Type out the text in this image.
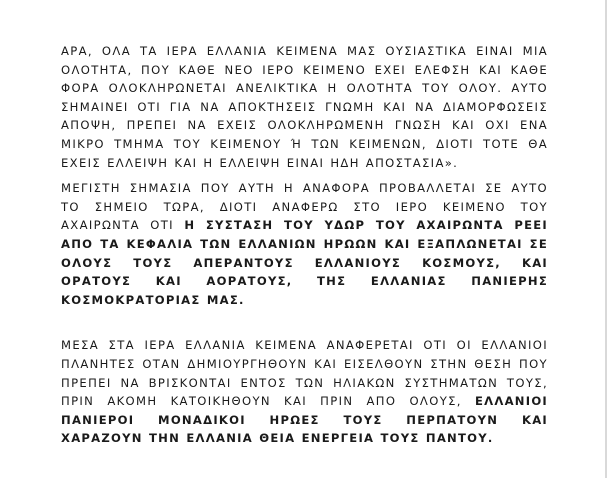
ΑΡΑ, ΟΛΑ ΤΑ ΙΕΡΑ ΕΛΛΑΝΙΑ ΚΕΙΜΕΝΑ ΜΑΣ ΟΥΣΙΑΣΤΙΚΑ ΕΙΝΑΙ ΜΙΑ ΟΛΟΤΗΤΑ, ΠΟΥ ΚΑΘΕ ΝΕΟ ΙΕΡΟ ΚΕΙΜΕΝΟ ΕΧΕΙ ΕΛΕΦΣΗ ΚΑΙ ΚΑΘΕ ΦΟΡΑ ΟΛΟΚΛΗΡΩΝΕΤΑΙ ΑΝΕΛΙΚΤΙΚΑ Η ΟΛΟΤΗΤΑ ΤΟΥ ΟΛΟΥ. ΑΥΤΟ ΣΗΜΑΙΝΕΙ ΟΤΙ ΓΙΑ ΝΑ ΑΠΟΚΤΗΣΕΙΣ ΓΝΩΜΗ ΚΑΙ ΝΑ ΔΙΑΜΟΡΦΩΣΕΙΣ ΑΠΟΨΗ, ΠΡΕΠΕΙ ΝΑ ΕΧΕΙΣ ΟΛΟΚΛΗΡΩΜΕΝΗ ΓΝΩΣΗ ΚΑΙ ΟΧΙ ΕΝΑ ΜΙΚΡΟ ΤΜΗΜΑ ΤΟΥ ΚΕΙΜΕΝΟΥ Ή ΤΩΝ ΚΕΙΜΕΝΩΝ, ΔΙΟΤΙ ΤΟΤΕ ΘΑ ΕΧΕΙΣ ΕΛΛΕΙΨΗ ΚΑΙ Η ΕΛΛΕΙΨΗ ΕΙΝΑΙ ΗΔΗ ΑΠΟΣΤΑΣΙΑ».

ΜΕΓΙΣΤΗ ΣΗΜΑΣΙΑ ΠΟΥ ΑΥΤΗ Η ΑΝΑΦΟΡΑ ΠΡΟΒΑΛΛΕΤΑΙ ΣΕ ΑΥΤΟ ΤΟ ΣΗΜΕΙΟ ΤΩΡΑ, ΔΙΟΤΙ ΑΝΑΦΕΡΩ ΣΤΟ ΙΕΡΟ ΚΕΙΜΕΝΟ ΤΟΥ ΑΧΑΙΡΩΝΤΑ ΟΤΙ Η ΣΥΣΤΑΣΗ ΤΟΥ ΥΔΩΡ ΤΟΥ ΑΧΑΙΡΩΝΤΑ ΡΕΕΙ ΑΠΟ ΤΑ ΚΕΦΑΛΙΑ ΤΩΝ ΕΛΛΑΝΙΩΝ ΗΡΩΩΝ ΚΑΙ ΕΞΑΠΛΩΝΕΤΑΙ ΣΕ ΟΛΟΥΣ ΤΟΥΣ ΑΠΕΡΑΝΤΟΥΣ ΕΛΛΑΝΙΟΥΣ ΚΟΣΜΟΥΣ, ΚΑΙ ΟΡΑΤΟΥΣ ΚΑΙ ΑΟΡΑΤΟΥΣ, ΤΗΣ ΕΛΛΑΝΙΑΣ ΠΑΝΙΕΡΗΣ ΚΟΣΜΟΚΡΑΤΟΡΙΑΣ ΜΑΣ.

ΜΕΣΑ ΣΤΑ ΙΕΡΑ ΕΛΛΑΝΙΑ ΚΕΙΜΕΝΑ ΑΝΑΦΕΡΕΤΑΙ ΟΤΙ ΟΙ ΕΛΛΑΝΙΟΙ ΠΛΑΝΗΤΕΣ ΟΤΑΝ ΔΗΜΙΟΥΡΓΗΘΟΥΝ ΚΑΙ ΕΙΣΕΛΘΟΥΝ ΣΤΗΝ ΘΕΣΗ ΠΟΥ ΠΡΕΠΕΙ ΝΑ ΒΡΙΣΚΟΝΤΑΙ ΕΝΤΟΣ ΤΩΝ ΗΛΙΑΚΩΝ ΣΥΣΤΗΜΑΤΩΝ ΤΟΥΣ, ΠΡΙΝ ΑΚΟΜΗ ΚΑΤΟΙΚΗΘΟΥΝ ΚΑΙ ΠΡΙΝ ΑΠΟ ΟΛΟΥΣ, ΕΛΛΑΝΙΟΙ ΠΑΝΙΕΡΟΙ ΜΟΝΑΔΙΚΟΙ ΗΡΩΕΣ ΤΟΥΣ ΠΕΡΠΑΤΟΥΝ ΚΑΙ ΧΑΡΑΖΟΥΝ ΤΗΝ ΕΛΛΑΝΙΑ ΘΕΙΑ ΕΝΕΡΓΕΙΑ ΤΟΥΣ ΠΑΝΤΟΥ.
